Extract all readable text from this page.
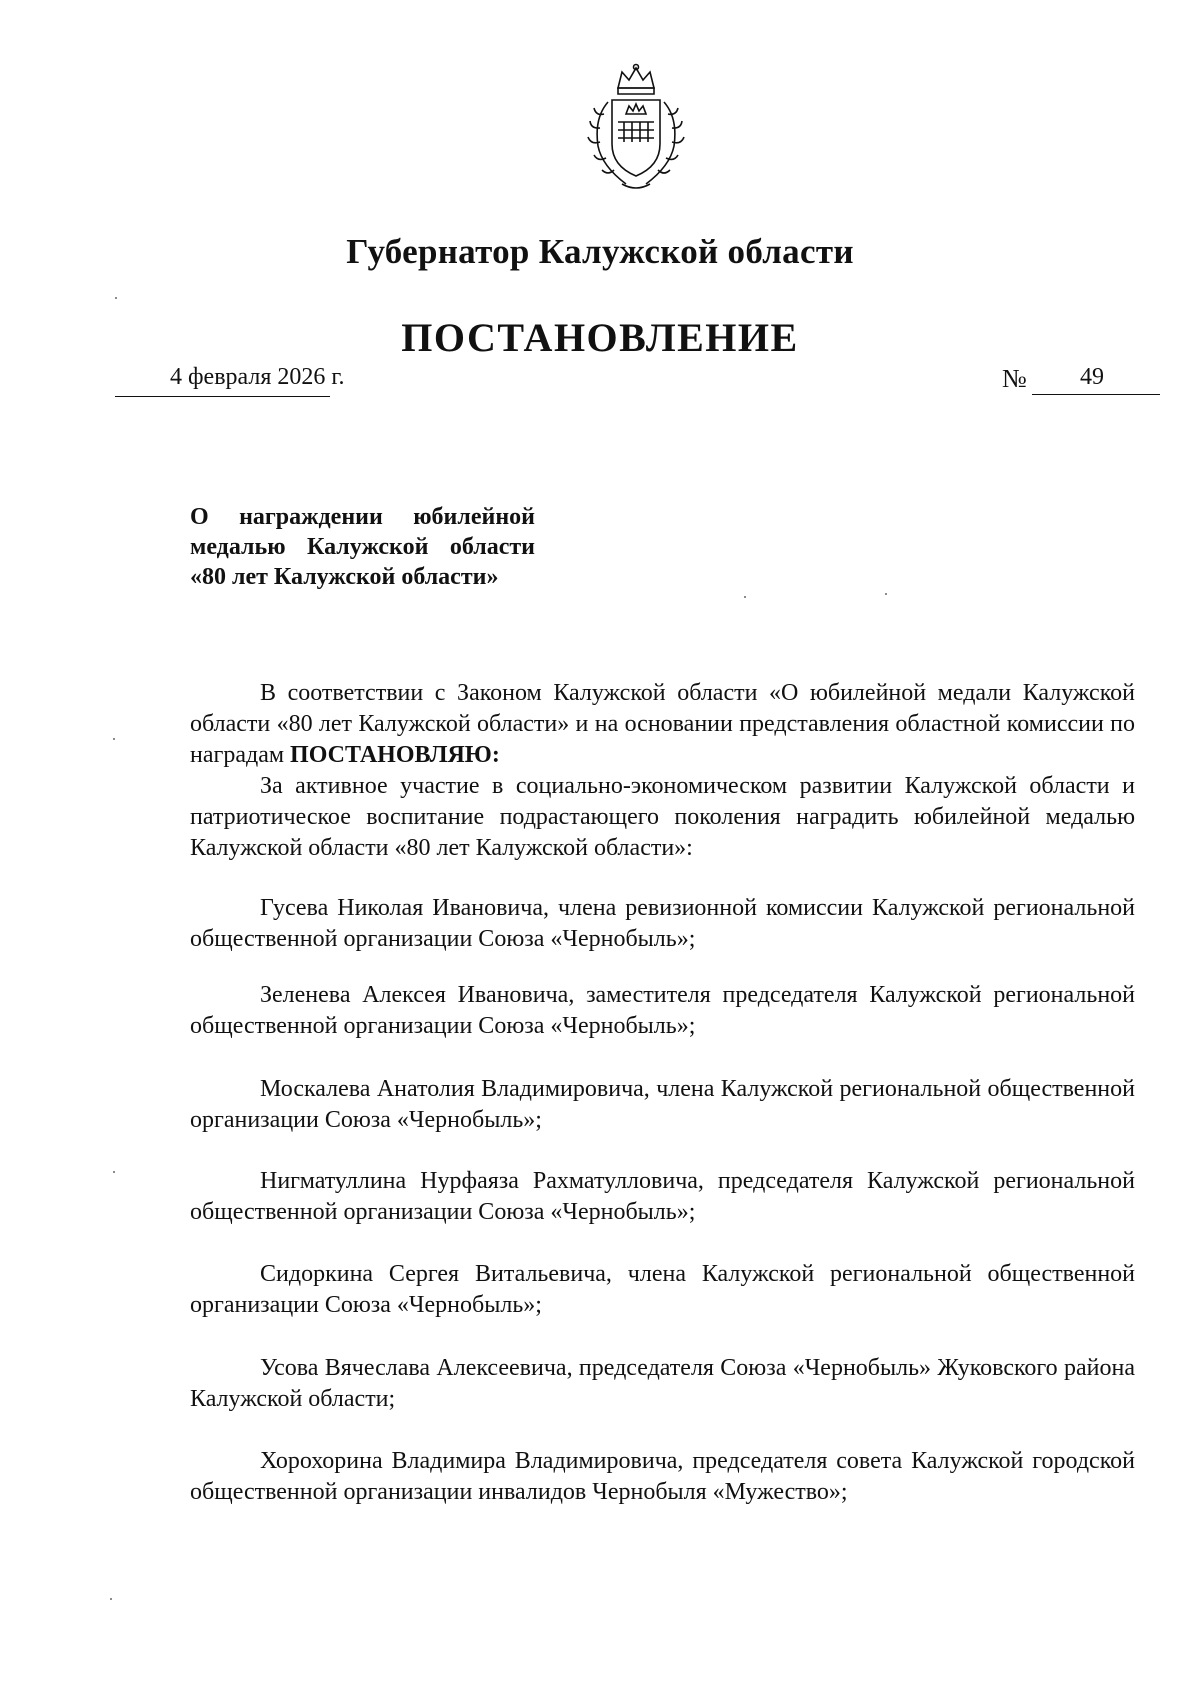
Губернатор Калужской области
ПОСТАНОВЛЕНИЕ
4 февраля 2026 г.	№ 49
О награждении юбилейной
медалью Калужской области
«80 лет Калужской области»

В соответствии с Законом Калужской области «О юбилейной медали Калужской области «80 лет Калужской области» и на основании представления областной комиссии по наградам ПОСТАНОВЛЯЮ:

За активное участие в социально-экономическом развитии Калужской области и патриотическое воспитание подрастающего поколения наградить юбилейной медалью Калужской области «80 лет Калужской области»:

Гусева Николая Ивановича, члена ревизионной комиссии Калужской региональной общественной организации Союза «Чернобыль»;

Зеленева Алексея Ивановича, заместителя председателя Калужской региональной общественной организации Союза «Чернобыль»;

Москалева Анатолия Владимировича, члена Калужской региональной общественной организации Союза «Чернобыль»;

Нигматуллина Нурфаяза Рахматулловича, председателя Калужской региональной общественной организации Союза «Чернобыль»;

Сидоркина Сергея Витальевича, члена Калужской региональной общественной организации Союза «Чернобыль»;

Усова Вячеслава Алексеевича, председателя Союза «Чернобыль» Жуковского района Калужской области;

Хорохорина Владимира Владимировича, председателя совета Калужской городской общественной организации инвалидов Чернобыля «Мужество»;
